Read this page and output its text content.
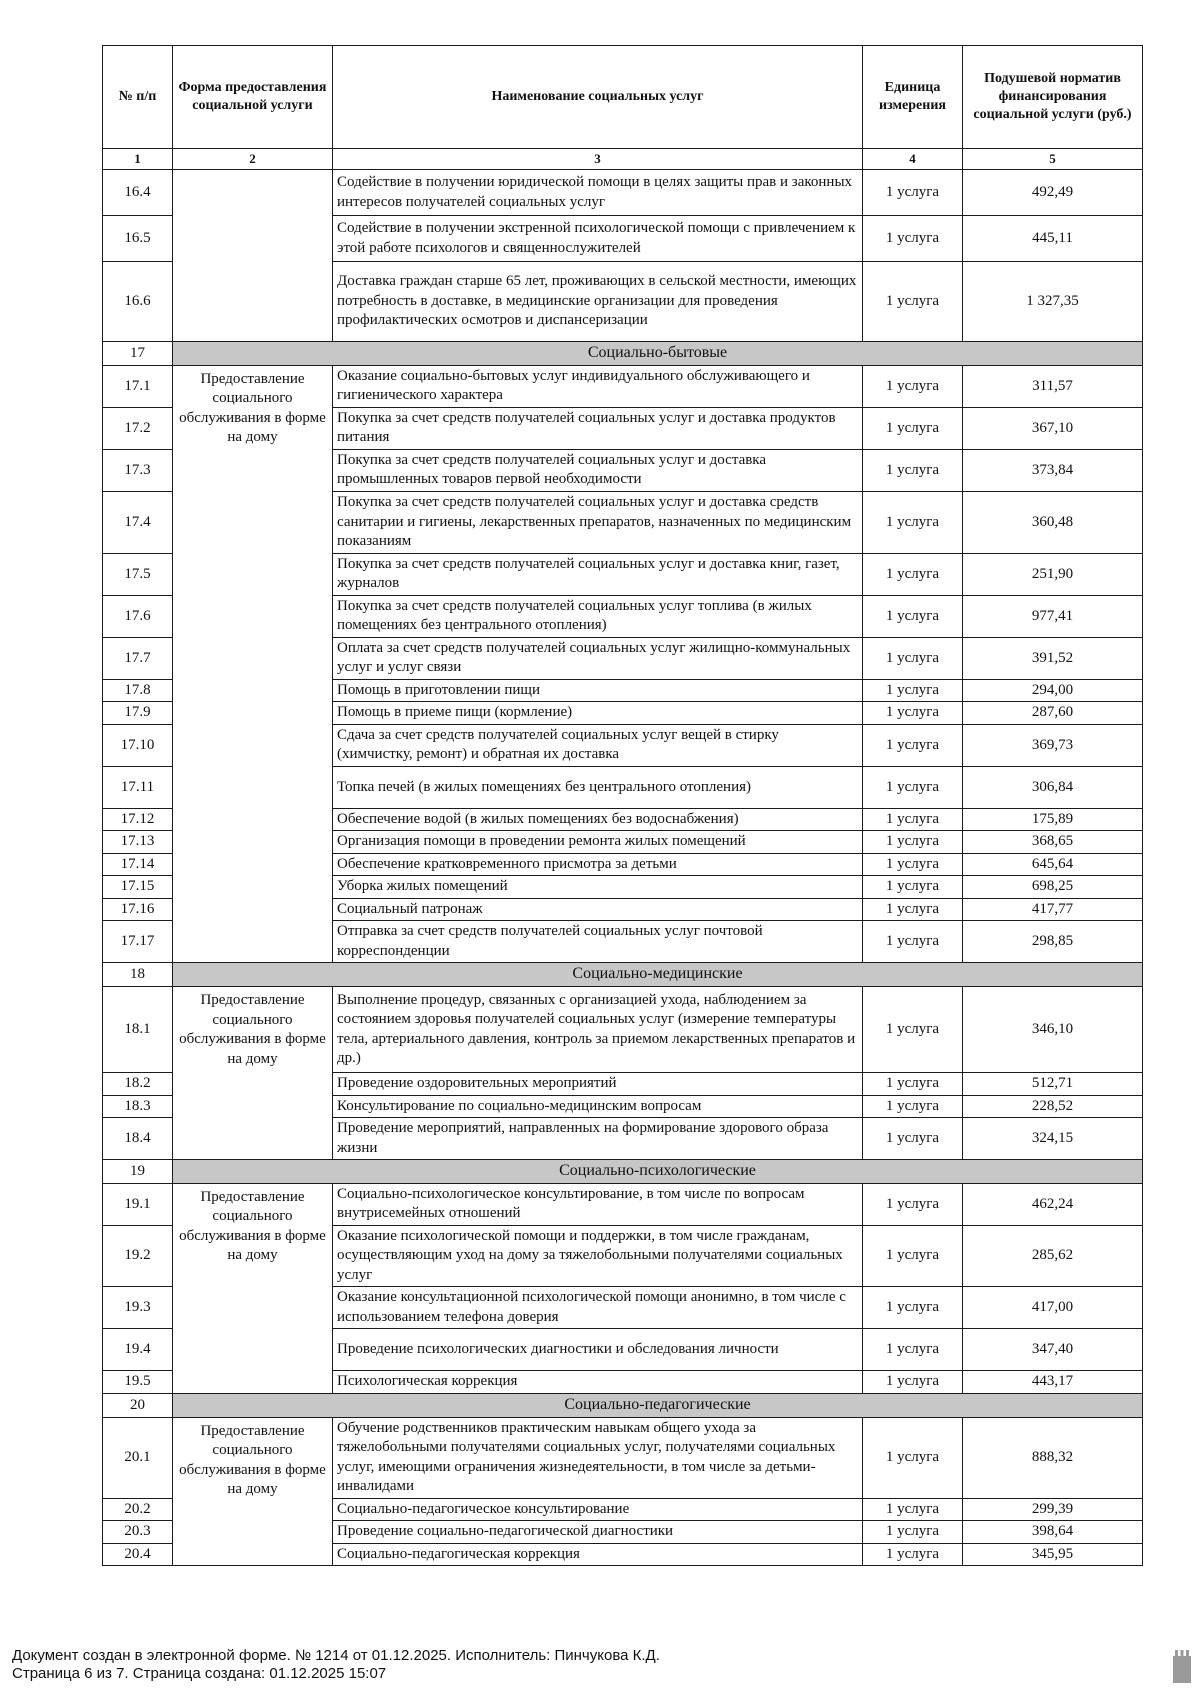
№ п/п	Форма предоставления социальной услуги	Наименование социальных услуг	Единица измерения	Подушевой норматив финансирования социальной услуги (руб.)
1	2	3	4	5
16.4		Содействие в получении юридической помощи в целях защиты прав и законных интересов получателей социальных услуг	1 услуга	492,49
16.5		Содействие в получении экстренной психологической помощи с привлечением к этой работе психологов и священнослужителей	1 услуга	445,11
16.6		Доставка граждан старше 65 лет, проживающих в сельской местности, имеющих потребность в доставке, в медицинские организации для проведения профилактических осмотров и диспансеризации	1 услуга	1 327,35
17	Социально-бытовые			
17.1	Предоставление социального обслуживания в форме на дому	Оказание социально-бытовых услуг индивидуального обслуживающего и гигиенического характера	1 услуга	311,57
17.2		Покупка за счет средств получателей социальных услуг и доставка продуктов питания	1 услуга	367,10
17.3		Покупка за счет средств получателей социальных услуг и доставка промышленных товаров первой необходимости	1 услуга	373,84
17.4		Покупка за счет средств получателей социальных услуг и доставка средств санитарии и гигиены, лекарственных препаратов, назначенных по медицинским показаниям	1 услуга	360,48
17.5		Покупка за счет средств получателей социальных услуг и доставка книг, газет, журналов	1 услуга	251,90
17.6		Покупка за счет средств получателей социальных услуг топлива (в жилых помещениях без центрального отопления)	1 услуга	977,41
17.7		Оплата за счет средств получателей социальных услуг жилищно-коммунальных услуг и услуг связи	1 услуга	391,52
17.8		Помощь в приготовлении пищи	1 услуга	294,00
17.9		Помощь в приеме пищи (кормление)	1 услуга	287,60
17.10		Сдача за счет средств получателей социальных услуг вещей в стирку (химчистку, ремонт) и обратная их доставка	1 услуга	369,73
17.11		Топка печей (в жилых помещениях без центрального отопления)	1 услуга	306,84
17.12		Обеспечение водой (в жилых помещениях без водоснабжения)	1 услуга	175,89
17.13		Организация помощи в проведении ремонта жилых помещений	1 услуга	368,65
17.14		Обеспечение кратковременного присмотра за детьми	1 услуга	645,64
17.15		Уборка жилых помещений	1 услуга	698,25
17.16		Социальный патронаж	1 услуга	417,77
17.17		Отправка за счет средств получателей социальных услуг почтовой корреспонденции	1 услуга	298,85
18	Социально-медицинские			
18.1	Предоставление социального обслуживания в форме на дому	Выполнение процедур, связанных с организацией ухода, наблюдением за состоянием здоровья получателей социальных услуг (измерение температуры тела, артериального давления, контроль за приемом лекарственных препаратов и др.)	1 услуга	346,10
18.2		Проведение оздоровительных мероприятий	1 услуга	512,71
18.3		Консультирование по социально-медицинским вопросам	1 услуга	228,52
18.4		Проведение мероприятий, направленных на формирование здорового образа жизни	1 услуга	324,15
19	Социально-психологические			
19.1	Предоставление социального обслуживания в форме на дому	Социально-психологическое консультирование, в том числе по вопросам внутрисемейных отношений	1 услуга	462,24
19.2		Оказание психологической помощи и поддержки, в том числе гражданам, осуществляющим уход на дому за тяжелобольными получателями социальных услуг	1 услуга	285,62
19.3		Оказание консультационной психологической помощи анонимно, в том числе с использованием телефона доверия	1 услуга	417,00
19.4		Проведение психологических диагностики и обследования личности	1 услуга	347,40
19.5		Психологическая коррекция	1 услуга	443,17
20	Социально-педагогические			
20.1	Предоставление социального обслуживания в форме на дому	Обучение родственников практическим навыкам общего ухода за тяжелобольными получателями социальных услуг, получателями социальных услуг, имеющими ограничения жизнедеятельности, в том числе за детьми-инвалидами	1 услуга	888,32
20.2		Социально-педагогическое консультирование	1 услуга	299,39
20.3		Проведение социально-педагогической диагностики	1 услуга	398,64
20.4		Социально-педагогическая коррекция	1 услуга	345,95
Документ создан в электронной форме. № 1214 от 01.12.2025. Исполнитель: Пинчукова К.Д.
Страница 6 из 7. Страница создана: 01.12.2025 15:07
